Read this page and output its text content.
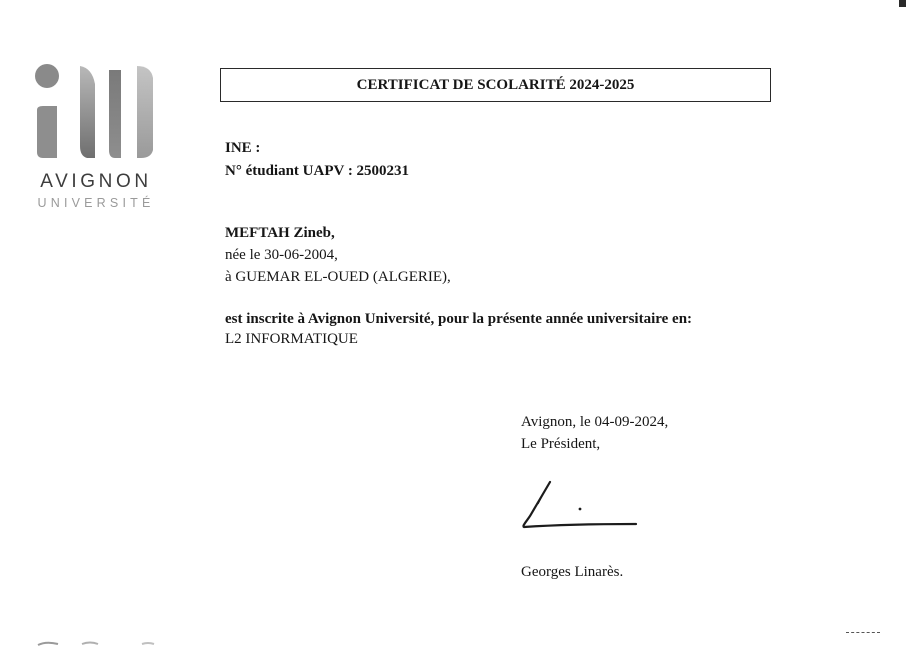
AVIGNON
UNIVERSITÉ
CERTIFICAT DE SCOLARITÉ 2024-2025
INE :
N° étudiant UAPV : 2500231
MEFTAH Zineb,
née le 30-06-2004,
à GUEMAR EL-OUED (ALGERIE),
est inscrite à Avignon Université, pour la présente année universitaire en:
L2 INFORMATIQUE
Avignon, le 04-09-2024,
Le Président,
Georges Linarès.
